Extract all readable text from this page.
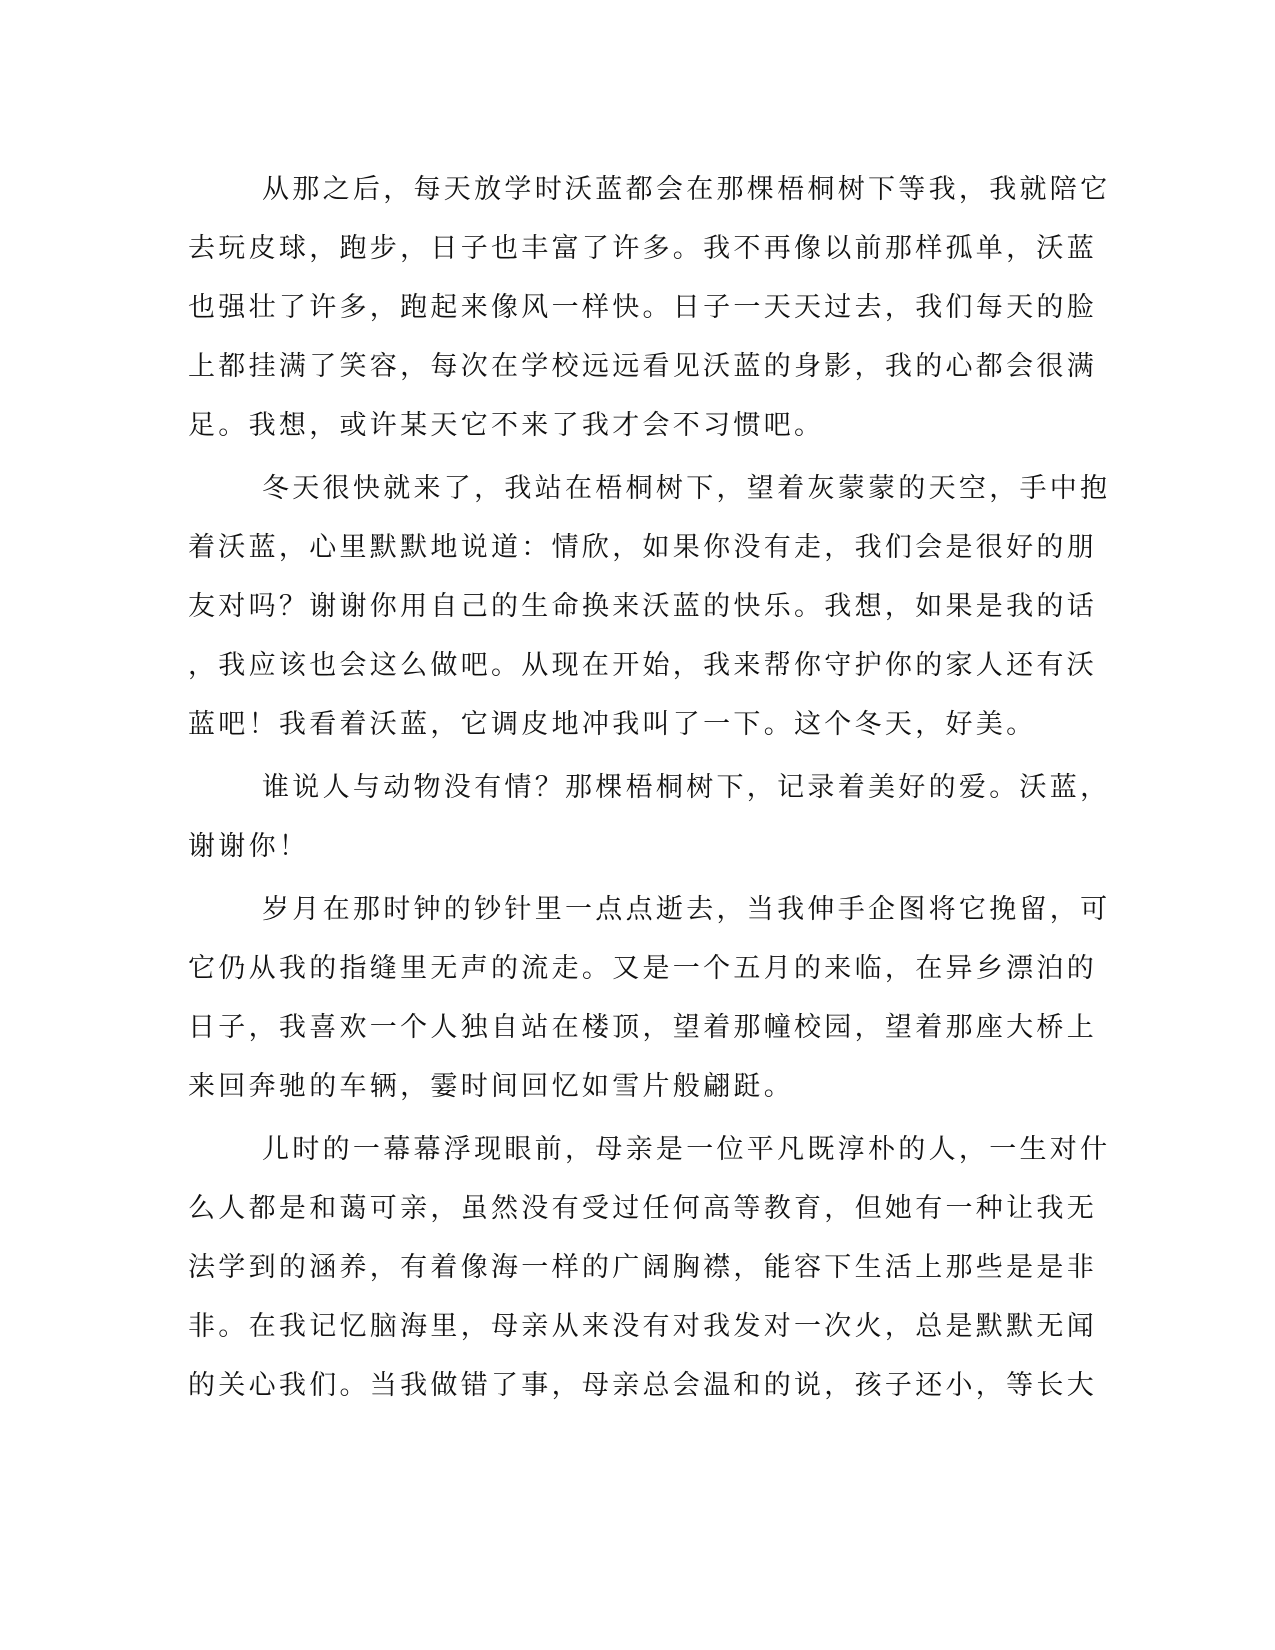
从那之后，每天放学时沃蓝都会在那棵梧桐树下等我，我就陪它
去玩皮球，跑步，日子也丰富了许多。我不再像以前那样孤单，沃蓝
也强壮了许多，跑起来像风一样快。日子一天天过去，我们每天的脸
上都挂满了笑容，每次在学校远远看见沃蓝的身影，我的心都会很满
足。我想，或许某天它不来了我才会不习惯吧。
冬天很快就来了，我站在梧桐树下，望着灰蒙蒙的天空，手中抱
着沃蓝，心里默默地说道：情欣，如果你没有走，我们会是很好的朋
友对吗？谢谢你用自己的生命换来沃蓝的快乐。我想，如果是我的话
，我应该也会这么做吧。从现在开始，我来帮你守护你的家人还有沃
蓝吧！我看着沃蓝，它调皮地冲我叫了一下。这个冬天，好美。
谁说人与动物没有情？那棵梧桐树下，记录着美好的爱。沃蓝，
谢谢你！
岁月在那时钟的钞针里一点点逝去，当我伸手企图将它挽留，可
它仍从我的指缝里无声的流走。又是一个五月的来临，在异乡漂泊的
日子，我喜欢一个人独自站在楼顶，望着那幢校园，望着那座大桥上
来回奔驰的车辆，霎时间回忆如雪片般翩跹。
儿时的一幕幕浮现眼前，母亲是一位平凡既淳朴的人，一生对什
么人都是和蔼可亲，虽然没有受过任何高等教育，但她有一种让我无
法学到的涵养，有着像海一样的广阔胸襟，能容下生活上那些是是非
非。在我记忆脑海里，母亲从来没有对我发对一次火，总是默默无闻
的关心我们。当我做错了事，母亲总会温和的说，孩子还小，等长大
